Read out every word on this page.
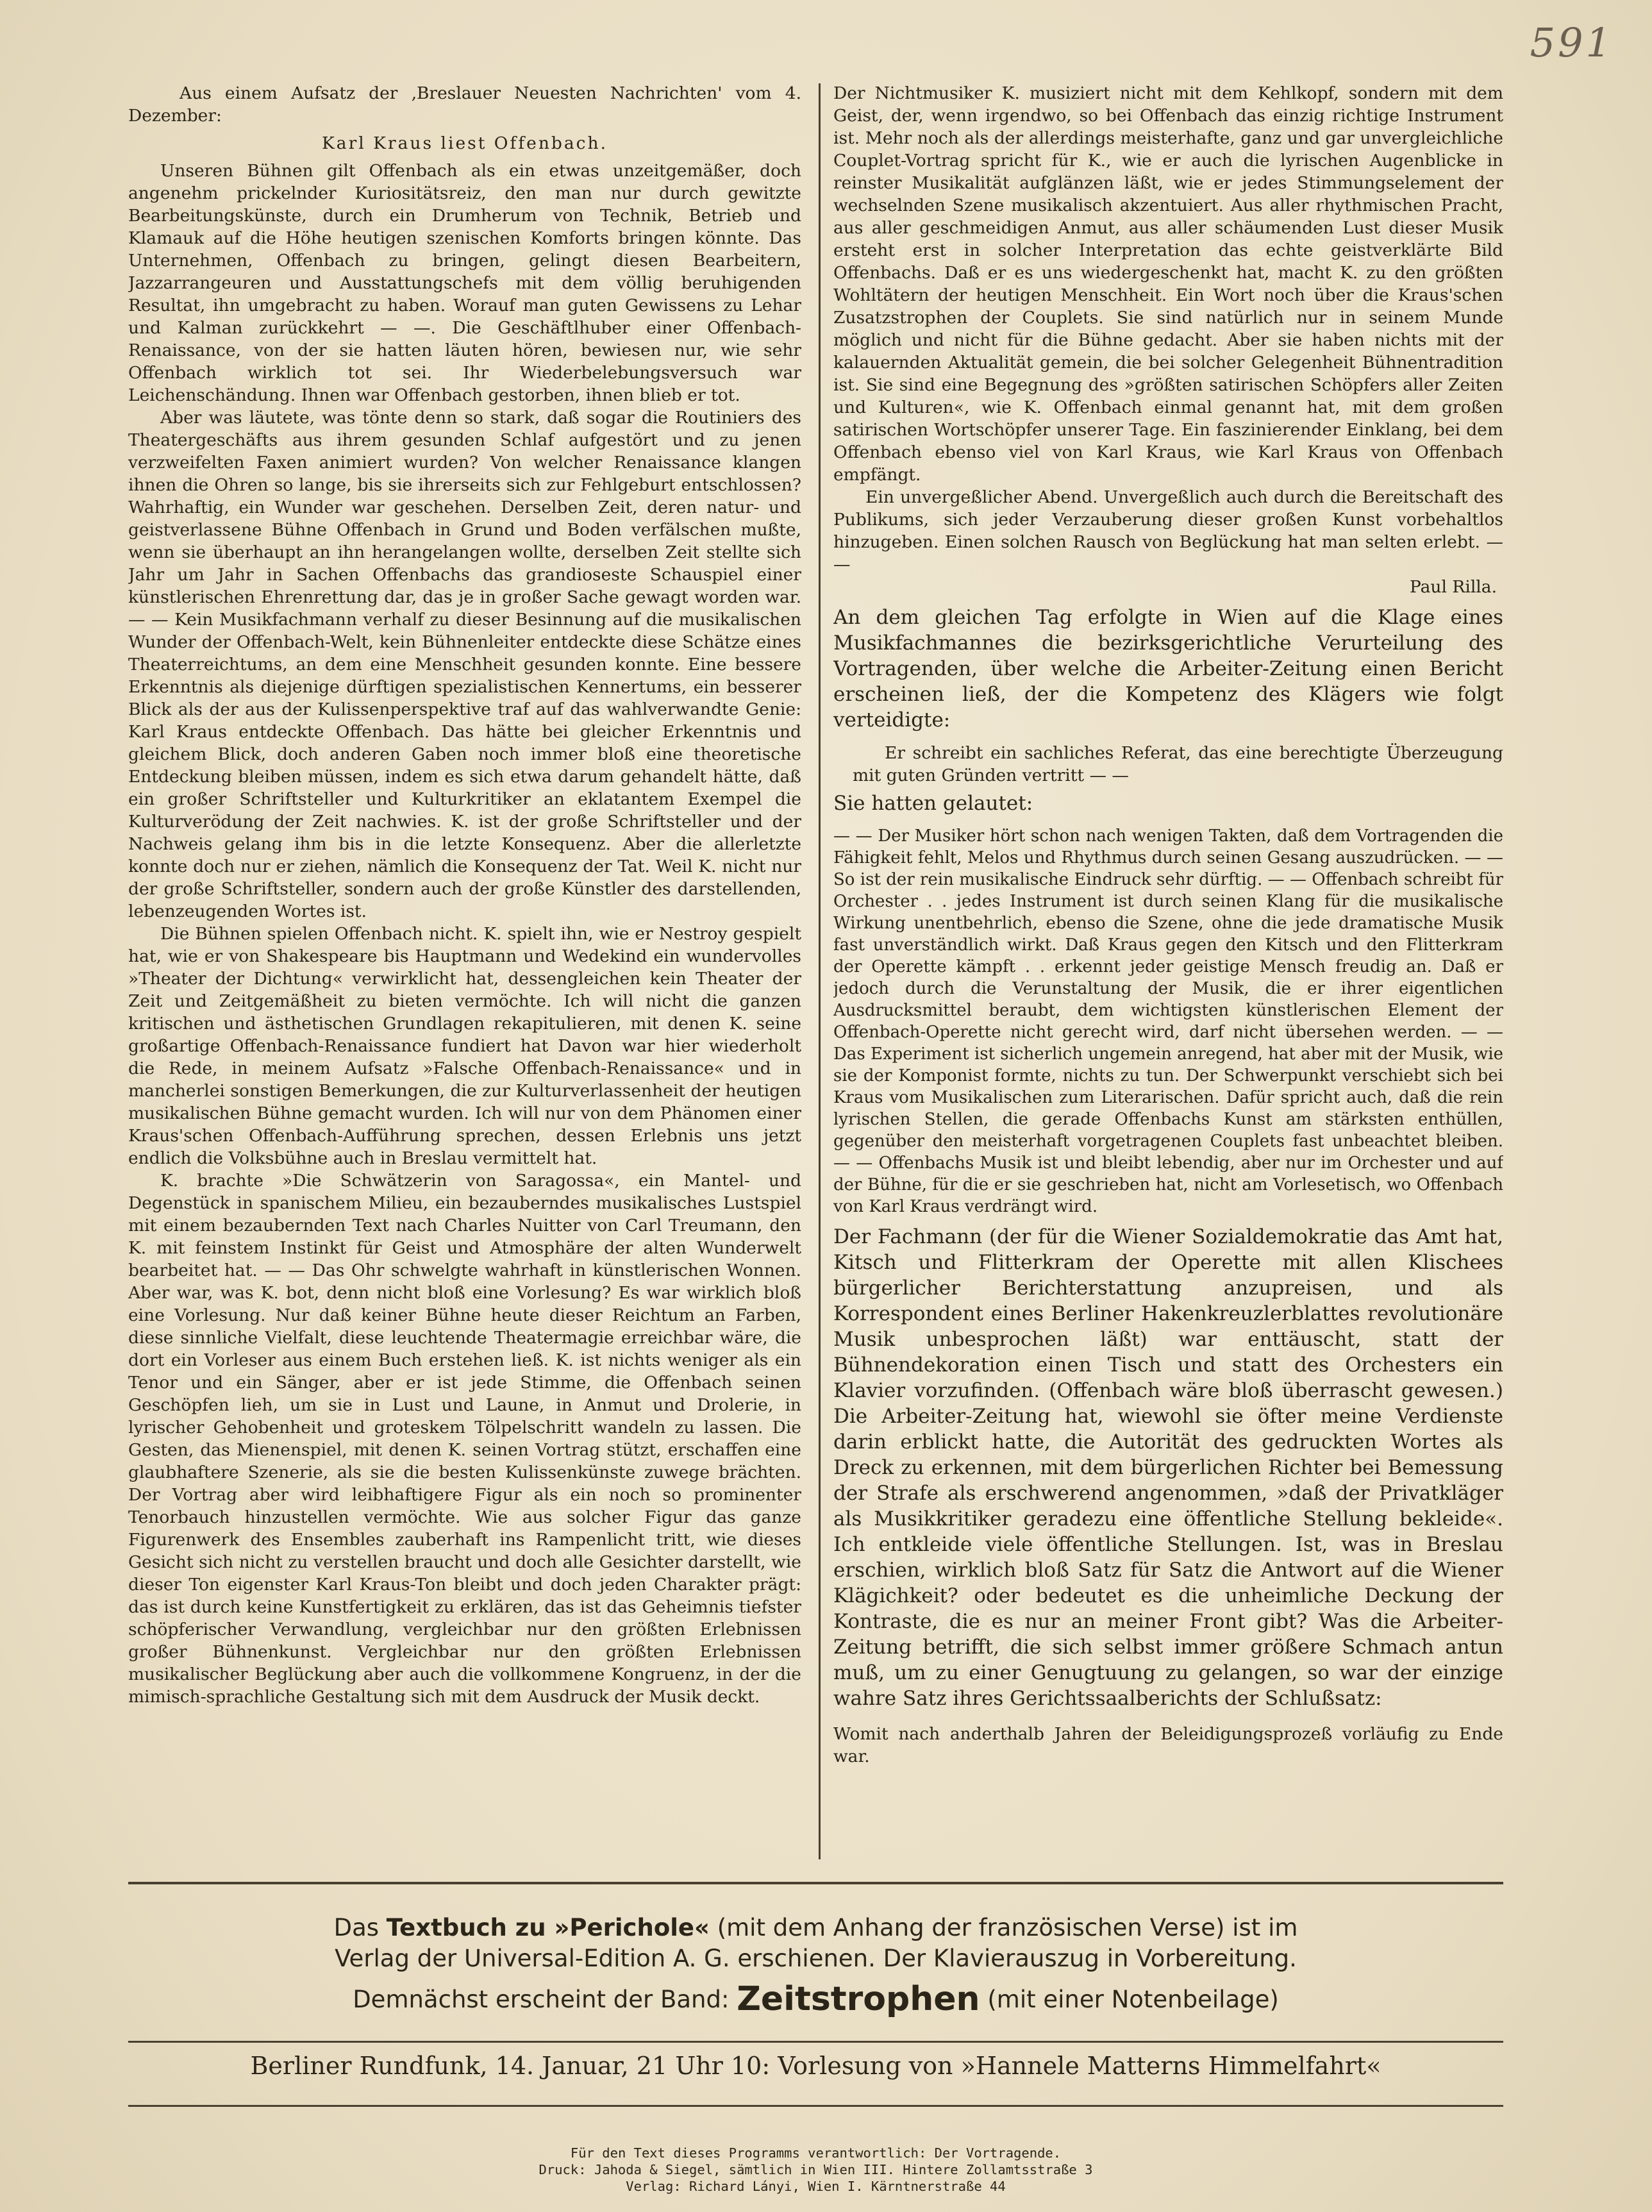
591

Aus einem Aufsatz der ‚Breslauer Neuesten Nachrichten' vom 4. Dezember:

Karl Kraus liest Offenbach.

Unseren Bühnen gilt Offenbach als ein etwas unzeitgemäßer, doch angenehm prickelnder Kuriositätsreiz, den man nur durch gewitzte Bearbeitungskünste, durch ein Drumherum von Technik, Betrieb und Klamauk auf die Höhe heutigen szenischen Komforts bringen könnte. Das Unternehmen, Offenbach zu bringen, gelingt diesen Bearbeitern, Jazzarrangeuren und Ausstattungschefs mit dem völlig beruhigenden Resultat, ihn umgebracht zu haben. Worauf man guten Gewissens zu Lehar und Kalman zurückkehrt — —. Die Geschäftlhuber einer Offenbach-Renaissance, von der sie hatten läuten hören, bewiesen nur, wie sehr Offenbach wirklich tot sei. Ihr Wiederbelebungsversuch war Leichenschändung. Ihnen war Offenbach gestorben, ihnen blieb er tot.

Aber was läutete, was tönte denn so stark, daß sogar die Routiniers des Theatergeschäfts aus ihrem gesunden Schlaf aufgestört und zu jenen verzweifelten Faxen animiert wurden? Von welcher Renaissance klangen ihnen die Ohren so lange, bis sie ihrerseits sich zur Fehlgeburt entschlossen? Wahrhaftig, ein Wunder war geschehen. Derselben Zeit, deren natur- und geistverlassene Bühne Offenbach in Grund und Boden verfälschen mußte, wenn sie überhaupt an ihn herangelangen wollte, derselben Zeit stellte sich Jahr um Jahr in Sachen Offenbachs das grandioseste Schauspiel einer künstlerischen Ehrenrettung dar, das je in großer Sache gewagt worden war. — — Kein Musikfachmann verhalf zu dieser Besinnung auf die musikalischen Wunder der Offenbach-Welt, kein Bühnenleiter entdeckte diese Schätze eines Theaterreichtums, an dem eine Menschheit gesunden konnte. Eine bessere Erkenntnis als diejenige dürftigen spezialistischen Kennertums, ein besserer Blick als der aus der Kulissenperspektive traf auf das wahlverwandte Genie: Karl Kraus entdeckte Offenbach. Das hätte bei gleicher Erkenntnis und gleichem Blick, doch anderen Gaben noch immer bloß eine theoretische Entdeckung bleiben müssen, indem es sich etwa darum gehandelt hätte, daß ein großer Schriftsteller und Kulturkritiker an eklatantem Exempel die Kulturverödung der Zeit nachwies. K. ist der große Schriftsteller und der Nachweis gelang ihm bis in die letzte Konsequenz. Aber die allerletzte konnte doch nur er ziehen, nämlich die Konsequenz der Tat. Weil K. nicht nur der große Schriftsteller, sondern auch der große Künstler des darstellenden, lebenzeugenden Wortes ist.

Die Bühnen spielen Offenbach nicht. K. spielt ihn, wie er Nestroy gespielt hat, wie er von Shakespeare bis Hauptmann und Wedekind ein wundervolles »Theater der Dichtung« verwirklicht hat, dessengleichen kein Theater der Zeit und Zeitgemäßheit zu bieten vermöchte. Ich will nicht die ganzen kritischen und ästhetischen Grundlagen rekapitulieren, mit denen K. seine großartige Offenbach-Renaissance fundiert hat Davon war hier wiederholt die Rede, in meinem Aufsatz »Falsche Offenbach-Renaissance« und in mancherlei sonstigen Bemerkungen, die zur Kulturverlassenheit der heutigen musikalischen Bühne gemacht wurden. Ich will nur von dem Phänomen einer Kraus'schen Offenbach-Aufführung sprechen, dessen Erlebnis uns jetzt endlich die Volksbühne auch in Breslau vermittelt hat.

K. brachte »Die Schwätzerin von Saragossa«, ein Mantel- und Degenstück in spanischem Milieu, ein bezauberndes musikalisches Lustspiel mit einem bezaubernden Text nach Charles Nuitter von Carl Treumann, den K. mit feinstem Instinkt für Geist und Atmosphäre der alten Wunderwelt bearbeitet hat. — — Das Ohr schwelgte wahrhaft in künstlerischen Wonnen. Aber war, was K. bot, denn nicht bloß eine Vorlesung? Es war wirklich bloß eine Vorlesung. Nur daß keiner Bühne heute dieser Reichtum an Farben, diese sinnliche Vielfalt, diese leuchtende Theatermagie erreichbar wäre, die dort ein Vorleser aus einem Buch erstehen ließ. K. ist nichts weniger als ein Tenor und ein Sänger, aber er ist jede Stimme, die Offenbach seinen Geschöpfen lieh, um sie in Lust und Laune, in Anmut und Drolerie, in lyrischer Gehobenheit und groteskem Tölpelschritt wandeln zu lassen. Die Gesten, das Mienenspiel, mit denen K. seinen Vortrag stützt, erschaffen eine glaubhaftere Szenerie, als sie die besten Kulissenkünste zuwege brächten. Der Vortrag aber wird leibhaftigere Figur als ein noch so prominenter Tenorbauch hinzustellen vermöchte. Wie aus solcher Figur das ganze Figurenwerk des Ensembles zauberhaft ins Rampenlicht tritt, wie dieses Gesicht sich nicht zu verstellen braucht und doch alle Gesichter darstellt, wie dieser Ton eigenster Karl Kraus-Ton bleibt und doch jeden Charakter prägt: das ist durch keine Kunstfertigkeit zu erklären, das ist das Geheimnis tiefster schöpferischer Verwandlung, vergleichbar nur den größten Erlebnissen großer Bühnenkunst. Vergleichbar nur den größten Erlebnissen musikalischer Beglückung aber auch die vollkommene Kongruenz, in der die mimisch-sprachliche Gestaltung sich mit dem Ausdruck der Musik deckt.

Der Nichtmusiker K. musiziert nicht mit dem Kehlkopf, sondern mit dem Geist, der, wenn irgendwo, so bei Offenbach das einzig richtige Instrument ist. Mehr noch als der allerdings meisterhafte, ganz und gar unvergleichliche Couplet-Vortrag spricht für K., wie er auch die lyrischen Augenblicke in reinster Musikalität aufglänzen läßt, wie er jedes Stimmungselement der wechselnden Szene musikalisch akzentuiert. Aus aller rhythmischen Pracht, aus aller geschmeidigen Anmut, aus aller schäumenden Lust dieser Musik ersteht erst in solcher Interpretation das echte geistverklärte Bild Offenbachs. Daß er es uns wiedergeschenkt hat, macht K. zu den größten Wohltätern der heutigen Menschheit. Ein Wort noch über die Kraus'schen Zusatzstrophen der Couplets. Sie sind natürlich nur in seinem Munde möglich und nicht für die Bühne gedacht. Aber sie haben nichts mit der kalauernden Aktualität gemein, die bei solcher Gelegenheit Bühnentradition ist. Sie sind eine Begegnung des »größten satirischen Schöpfers aller Zeiten und Kulturen«, wie K. Offenbach einmal genannt hat, mit dem großen satirischen Wortschöpfer unserer Tage. Ein faszinierender Einklang, bei dem Offenbach ebenso viel von Karl Kraus, wie Karl Kraus von Offenbach empfängt.

Ein unvergeßlicher Abend. Unvergeßlich auch durch die Bereitschaft des Publikums, sich jeder Verzauberung dieser großen Kunst vorbehaltlos hinzugeben. Einen solchen Rausch von Beglückung hat man selten erlebt. — —

Paul Rilla.

An dem gleichen Tag erfolgte in Wien auf die Klage eines Musikfachmannes die bezirksgerichtliche Verurteilung des Vortragenden, über welche die Arbeiter-Zeitung einen Bericht erscheinen ließ, der die Kompetenz des Klägers wie folgt verteidigte:

Er schreibt ein sachliches Referat, das eine berechtigte Überzeugung mit guten Gründen vertritt — —

Sie hatten gelautet:

— — Der Musiker hört schon nach wenigen Takten, daß dem Vortragenden die Fähigkeit fehlt, Melos und Rhythmus durch seinen Gesang auszudrücken. — — So ist der rein musikalische Eindruck sehr dürftig. — — Offenbach schreibt für Orchester . . jedes Instrument ist durch seinen Klang für die musikalische Wirkung unentbehrlich, ebenso die Szene, ohne die jede dramatische Musik fast unverständlich wirkt. Daß Kraus gegen den Kitsch und den Flitterkram der Operette kämpft . . erkennt jeder geistige Mensch freudig an. Daß er jedoch durch die Verunstaltung der Musik, die er ihrer eigentlichen Ausdrucksmittel beraubt, dem wichtigsten künstlerischen Element der Offenbach-Operette nicht gerecht wird, darf nicht übersehen werden. — — Das Experiment ist sicherlich ungemein anregend, hat aber mit der Musik, wie sie der Komponist formte, nichts zu tun. Der Schwerpunkt verschiebt sich bei Kraus vom Musikalischen zum Literarischen. Dafür spricht auch, daß die rein lyrischen Stellen, die gerade Offenbachs Kunst am stärksten enthüllen, gegenüber den meisterhaft vorgetragenen Couplets fast unbeachtet bleiben. — — Offenbachs Musik ist und bleibt lebendig, aber nur im Orchester und auf der Bühne, für die er sie geschrieben hat, nicht am Vorlesetisch, wo Offenbach von Karl Kraus verdrängt wird.

Der Fachmann (der für die Wiener Sozialdemokratie das Amt hat, Kitsch und Flitterkram der Operette mit allen Klischees bürgerlicher Berichterstattung anzupreisen, und als Korrespondent eines Berliner Hakenkreuzlerblattes revolutionäre Musik unbesprochen läßt) war enttäuscht, statt der Bühnendekoration einen Tisch und statt des Orchesters ein Klavier vorzufinden. (Offenbach wäre bloß überrascht gewesen.) Die Arbeiter-Zeitung hat, wiewohl sie öfter meine Verdienste darin erblickt hatte, die Autorität des gedruckten Wortes als Dreck zu erkennen, mit dem bürgerlichen Richter bei Bemessung der Strafe als erschwerend angenommen, »daß der Privatkläger als Musikkritiker geradezu eine öffentliche Stellung bekleide«. Ich entkleide viele öffentliche Stellungen. Ist, was in Breslau erschien, wirklich bloß Satz für Satz die Antwort auf die Wiener Klägichkeit? oder bedeutet es die unheimliche Deckung der Kontraste, die es nur an meiner Front gibt? Was die Arbeiter-Zeitung betrifft, die sich selbst immer größere Schmach antun muß, um zu einer Genugtuung zu gelangen, so war der einzige wahre Satz ihres Gerichtssaalberichts der Schlußsatz:

Womit nach anderthalb Jahren der Beleidigungsprozeß vorläufig zu Ende war.

Das Textbuch zu »Perichole« (mit dem Anhang der französischen Verse) ist im
Verlag der Universal-Edition A. G. erschienen. Der Klavierauszug in Vorbereitung.
Demnächst erscheint der Band: Zeitstrophen (mit einer Notenbeilage)
Berliner Rundfunk, 14. Januar, 21 Uhr 10: Vorlesung von »Hannele Matterns Himmelfahrt«
Für den Text dieses Programms verantwortlich: Der Vortragende.
Druck: Jahoda & Siegel, sämtlich in Wien III. Hintere Zollamtsstraße 3
Verlag: Richard Lányi, Wien I. Kärntnerstraße 44
